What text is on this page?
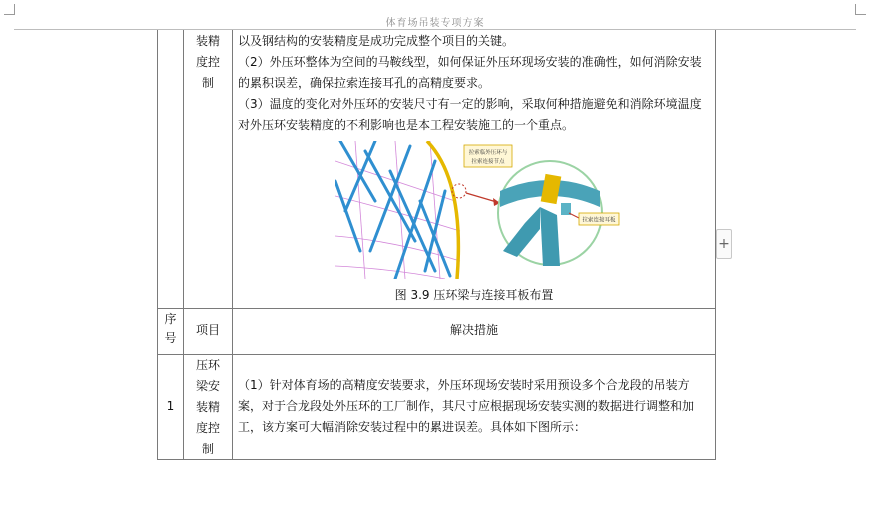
体育场吊装专项方案
装精
度控
制

以及钢结构的安装精度是成功完成整个项目的关键。

（2）外压环整体为空间的马鞍线型，如何保证外压环现场安装的准确性，如何消除安装的累积误差，确保拉索连接耳孔的高精度要求。

（3）温度的变化对外压环的安装尺寸有一定的影响，采取何种措施避免和消除环境温度对外压环安装精度的不利影响也是本工程安装施工的一个重点。

拉索临外压环与
拉索连接节点
拉索连接耳板
图 3.9 压环梁与连接耳板布置
序
号
项目	解决措施
1
压环
梁安
装精
度控
制
（1）针对体育场的高精度安装要求，外压环现场安装时采用预设多个合龙段的吊装方案，对于合龙段处外压环的工厂制作，其尺寸应根据现场安装实测的数据进行调整和加工，该方案可大幅消除安装过程中的累进误差。具体如下图所示：
+
